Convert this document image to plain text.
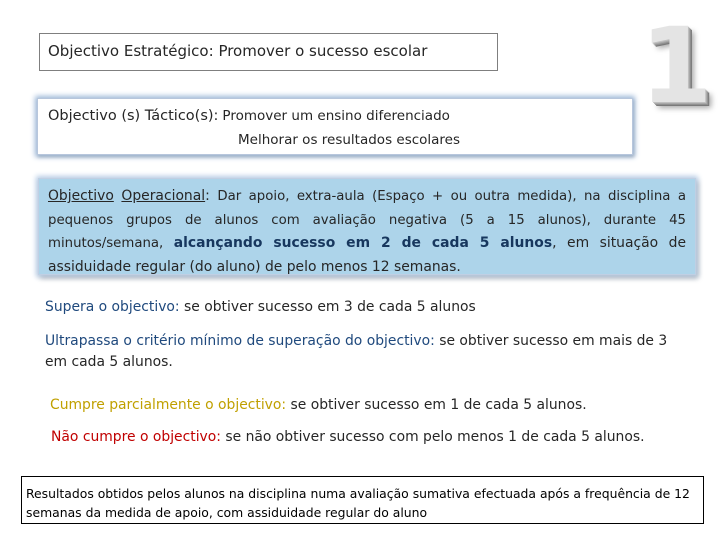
Objectivo Estratégico: Promover o sucesso escolar	1
Objectivo (s) Táctico(s): Promover um ensino diferenciado
Melhorar os resultados escolares
Objectivo Operacional: Dar apoio, extra-aula (Espaço + ou outra medida), na disciplina a pequenos grupos de alunos com avaliação negativa (5 a 15 alunos), durante 45 minutos/semana, alcançando sucesso em 2 de cada 5 alunos, em situação de assiduidade regular (do aluno) de pelo menos 12 semanas.
Supera o objectivo: se obtiver sucesso em 3 de cada 5 alunos
Ultrapassa o critério mínimo de superação do objectivo: se obtiver sucesso em mais de 3 em cada 5 alunos.
Cumpre parcialmente o objectivo: se obtiver sucesso em 1 de cada 5 alunos.
Não cumpre o objectivo: se não obtiver sucesso com pelo menos 1 de cada 5 alunos.
Resultados obtidos pelos alunos na disciplina numa avaliação sumativa efectuada após a frequência de 12 semanas da medida de apoio, com assiduidade regular do aluno
